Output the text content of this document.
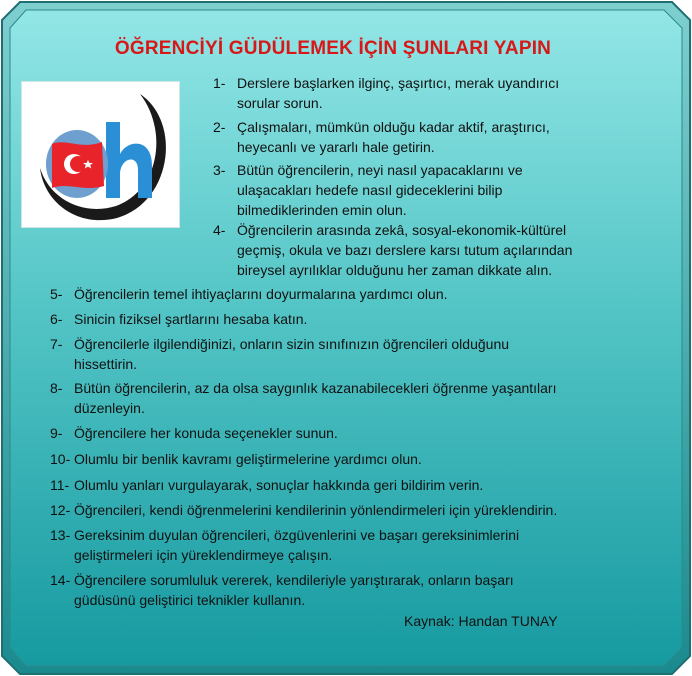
ÖĞRENCİYİ GÜDÜLEMEK İÇİN ŞUNLARI YAPIN
1- Derslere başlarken ilginç, şaşırtıcı, merak uyandırıcı
sorular sorun.
2- Çalışmaları, mümkün olduğu kadar aktif, araştırıcı,
heyecanlı ve yararlı hale getirin.
3- Bütün öğrencilerin, neyi nasıl yapacaklarını ve
ulaşacakları hedefe nasıl gideceklerini bilip
bilmediklerinden emin olun.
4- Öğrencilerin arasında zekâ, sosyal-ekonomik-kültürel
geçmiş, okula ve bazı derslere karsı tutum açılarından
bireysel ayrılıklar olduğunu her zaman dikkate alın.
5- Öğrencilerin temel ihtiyaçlarını doyurmalarına yardımcı olun.
6- Sinicin fiziksel şartlarını hesaba katın.
7- Öğrencilerle ilgilendiğinizi, onların sizin sınıfınızın öğrencileri olduğunu
hissettirin.
8- Bütün öğrencilerin, az da olsa saygınlık kazanabilecekleri öğrenme yaşantıları
düzenleyin.
9- Öğrencilere her konuda seçenekler sunun.
10- Olumlu bir benlik kavramı geliştirmelerine yardımcı olun.
11- Olumlu yanları vurgulayarak, sonuçlar hakkında geri bildirim verin.
12- Öğrencileri, kendi öğrenmelerini kendilerinin yönlendirmeleri için yüreklendirin.
13- Gereksinim duyulan öğrencileri, özgüvenlerini ve başarı gereksinimlerini
geliştirmeleri için yüreklendirmeye çalışın.
14- Öğrencilere sorumluluk vererek, kendileriyle yarıştırarak, onların başarı
güdüsünü geliştirici teknikler kullanın.
Kaynak: Handan TUNAY
